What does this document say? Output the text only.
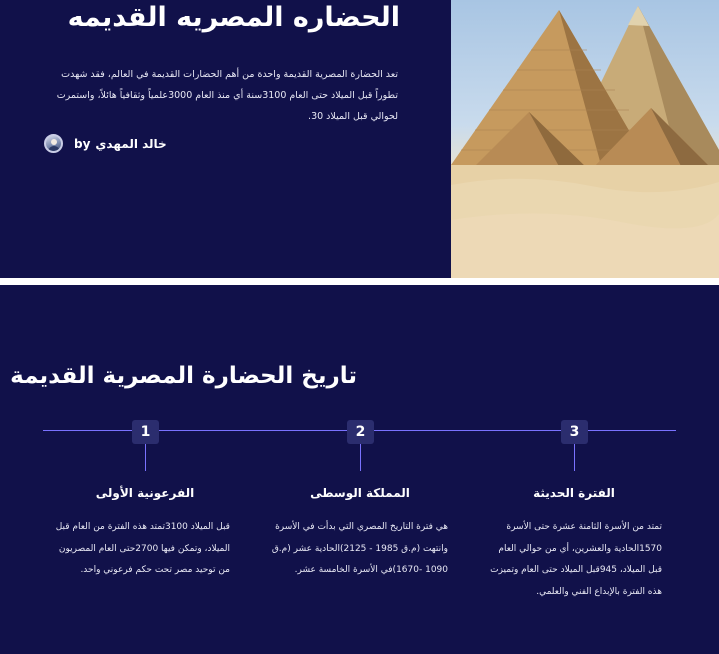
الحضاره المصريه القديمه

تعد الحضارة المصرية القديمة واحدة من أهم الحضارات القديمة في العالم، فقد شهدت تطوراً قبل الميلاد حتى العام 3100سنة أي منذ العام 3000علمياً وثقافياً هائلاً، واستمرت لحوالي قبل الميلاد 30.

by خالد المهدي
تاريخ الحضارة المصرية القديمة
1
الفرعونية الأولى

قبل الميلاد 3100تمتد هذه الفترة من العام قبل الميلاد، وتمكن فيها 2700حتى العام المصريون من توحيد مصر تحت حكم فرعوني واحد.

2
المملكة الوسطى

هي فترة التاريخ المصري التي بدأت في الأسرة وانتهت (م.ق 1985 - 2125)الحادية عشر (م.ق 1090 -1670)في الأسرة الخامسة عشر.

3
الفترة الحديثة

تمتد من الأسرة الثامنة عشرة حتى الأسرة 1570الحادية والعشرين، أي من حوالي العام قبل الميلاد، 945قبل الميلاد حتى العام وتميزت هذه الفترة بالإبداع الفني والعلمي.
